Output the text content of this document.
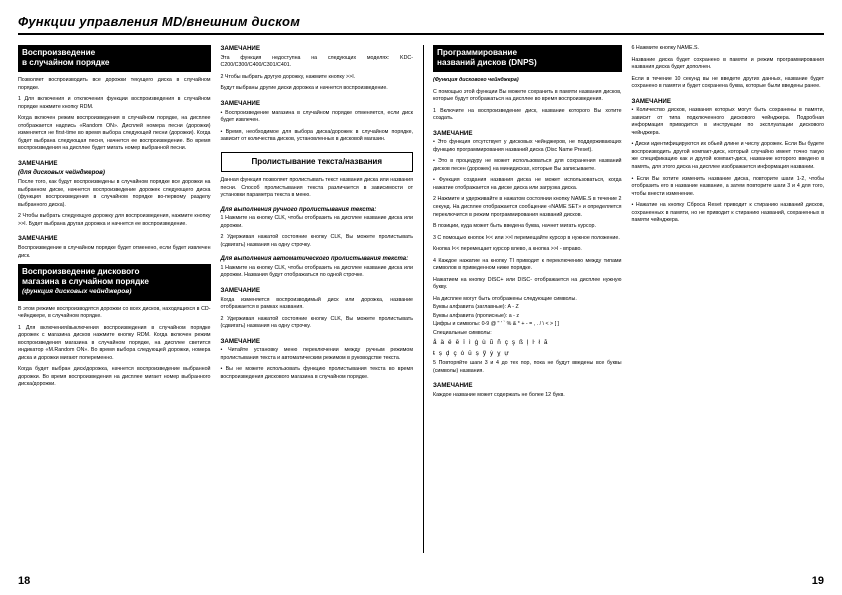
Функции управления MD/внешним диском
Воспроизведение
в случайном порядке

Позволяет воспроизводить все дорожки текущего диска в случайном порядке.

1 Для включения и отключения функции воспроизведения в случайном порядке нажмите кнопку RDM.

Когда включен режим воспроизведения в случайном порядке, на дисплее отображается надпись «Random ON». Дисплей номера песни (дорожки) изменяется не first-time во время выбора следующей песни (дорожки). Когда будет выбрана следующая песня, начнется ее воспроизведение. Во время воспроизведения на дисплее будет мигать номер выбранной песни.

ЗАМЕЧАНИЕ
(для дисковых чейнджеров)

После того, как будут воспроизведены в случайном порядке все дорожки на выбранном диске, начнется воспроизведение дорожек следующего диска (функция воспроизведения в случайном порядке во-первому разделу выбранного диска).

2 Чтобы выбрать следующую дорожку для воспроизведения, нажмите кнопку >>I. Будет выбрана другая дорожка и начнется ее воспроизведение.

ЗАМЕЧАНИЕ

Воспроизведение в случайном порядке будет отменено, если будет извлечен диск.

Воспроизведение дискового
магазина в случайном порядке
(функция дисковых чейнджеров)

В этом режиме воспроизводятся дорожки со всех дисков, находящихся в CD-чейнджере, в случайном порядке.

1 Для включения/выключения воспроизведения в случайном порядке дорожек с магазина дисков нажмите кнопку RDM. Когда включен режим воспроизведения магазина в случайном порядке, на дисплее светится индикатор «M.Random ON». Во время выбора следующей дорожки, номера диска и дорожки мигают попеременно.

Когда будет выбран диск/дорожка, начнется воспроизведение выбранной дорожки. Во время воспроизведения на дисплее мигает номер выбранного диска/дорожки.

ЗАМЕЧАНИЕ

Эта функция недоступна на следующих моделях: KDC-C200/C300/C400/C301/C401.

2 Чтобы выбрать другую дорожку, нажмите кнопку >>I.

Будут выбраны другие диски дорожка и начнется воспроизведение.

ЗАМЕЧАНИЕ

• Воспроизведение магазина в случайном порядке отменяется, если диск будет извлечен.

• Время, необходимое для выбора диска/дорожек в случайном порядке, зависит от количества дисков, установленных в дисковой магазин.

Пролистывание текста/названия

Данная функция позволяет пролистывать текст названия диска или названия песни. Способ пролистывания текста различается в зависимости от установки параметра текста в меню.

Для выполнения ручного пролистывания текста:

1 Нажмите на кнопку CLK, чтобы отобразить на дисплее название диска или дорожки.

2 Удерживая нажатой состояние кнопку CLK, Вы можете пролистывать (сдвигать) названия на одну строчку.

Для выполнения автоматического пролистывания текста:

1 Нажмите на кнопку CLK, чтобы отобразить на дисплее название диска или дорожки. Названия будут отображаться по одной строчке.

ЗАМЕЧАНИЕ

Когда изменяется воспроизводимый диск или дорожка, название отображается в рамках названия.

2 Удерживая нажатой состояние кнопку CLK, Вы можете пролистывать (сдвигать) названия на одну строчку.

ЗАМЕЧАНИЕ

• Читайте установку меню переключении между ручным режимом пролистывания текста и автоматическим режимом в руководстве текста.

• Вы не можете использовать функцию пролистывания текста во время воспроизведения дискового магазина в случайном порядке.

Программирование
названий дисков (DNPS)

(Функция дискового чейнджера)

С помощью этой функции Вы можете сохранить в памяти названия дисков, которые будут отображаться на дисплее во время воспроизведения.

1 Включите на воспроизведение диск, название которого Вы хотите создать.

ЗАМЕЧАНИЕ

• Это функция отсутствует у дисковых чейнджеров, не поддерживающих функцию программирования названий диска (Disc Name Preset).

• Это в процедуру не может использоваться для сохранения названий дисков песен (дорожек) на минидисках, которые Вы записываете.

• Функция создания названия диска не может использоваться, когда нажатие отображается на диске диска или загрузка диска.

2 Нажмите и удерживайте в нажатом состоянии кнопку NAME.S в течение 2 секунд. На дисплее отображается сообщение «NAME SET» и определяется переключится в режим программирования названий дисков.

В позиции, куда может быть введена буква, начнет мигать курсор.

3 С помощью кнопок I<< или >>I перемещайте курсор в нужное положение.

Кнопка I<< перемещает курсор влево, а кнопка >>I - вправо.

4 Каждое нажатие на кнопку TI приводит к переключению между типами символов в приведенном ниже порядке.

Нажатием на кнопку DISC+ или DISC- отображается на дисплее нужную букву.

На дисплее могут быть отображены следующие символы.

Буквы алфавита (заглавные): A - Z

Буквы алфавита (прописные): a - z

Цифры и символы: 0-9 @ " ' ` % & * + - = , . / \ < > [ ]

Специальные символы:

å ä ë ē ï ì ġ ù ũ ñ ç ş ß ļ ŀ ł ă
ŧ ṣ ḑ ç ȯ ū ṣ ỹ ẏ ỵ ự

5 Повторяйте шаги 3 и 4 до тех пор, пока не будут введены все буквы (символы) названия.

ЗАМЕЧАНИЕ

Каждое название может содержать не более 12 букв.

6 Нажмите кнопку NAME.S.

Название диска будет сохранено в памяти и режим программирования названия диска будет дополнен.

Если в течение 10 секунд вы не введете других данных, название будет сохранено в памяти и будет сохранена буква, которые были введены ранее.

ЗАМЕЧАНИЕ

• Количество дисков, названия которых могут быть сохранены в памяти, зависит от типа подключенного дискового чейнджера. Подробная информация приводится в инструкции по эксплуатации дискового чейнджера.

• Диски идентифицируются их обьей длине и числу дорожек. Если Вы будете воспроизводить другой компакт-диск, который случайно имеет точно такую же спецификацию как и другой компакт-диск, название которого введено в память, для этого диска на дисплее изображается информация названии.

• Если Вы хотите изменить название диска, повторите шаги 1-2, чтобы отобразить его в название название, а затем повторите шаги 3 и 4 для того, чтобы внести изменение.

• Нажатие на кнопку Сброса Reset приводит к стиранию названий дисков, сохраненных в памяти, но не приводит к стиранию названий, сохраненных в памяти чейнджера.

18	19
